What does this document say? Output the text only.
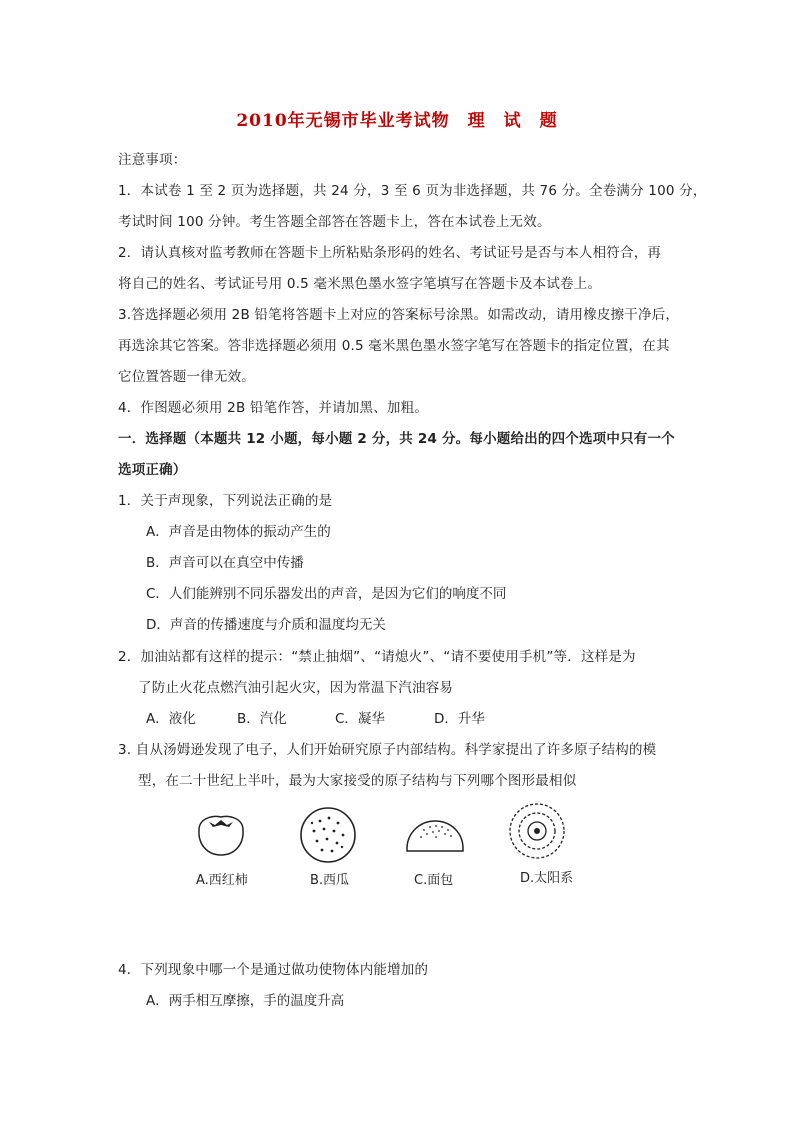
2010年无锡市毕业考试物　理　试　题
注意事项：
1．本试卷 1 至 2 页为选择题，共 24 分，3 至 6 页为非选择题，共 76 分。全卷满分 100 分，
考试时间 100 分钟。考生答题全部答在答题卡上，答在本试卷上无效。
2．请认真核对监考教师在答题卡上所粘贴条形码的姓名、考试证号是否与本人相符合，再
将自己的姓名、考试证号用 0.5 毫米黑色墨水签字笔填写在答题卡及本试卷上。
3.答选择题必须用 2B 铅笔将答题卡上对应的答案标号涂黑。如需改动，请用橡皮擦干净后，
再选涂其它答案。答非选择题必须用 0.5 毫米黑色墨水签字笔写在答题卡的指定位置，在其
它位置答题一律无效。
4．作图题必须用 2B 铅笔作答，并请加黑、加粗。
一．选择题（本题共 12 小题，每小题 2 分，共 24 分。每小题给出的四个选项中只有一个
选项正确）
1．关于声现象，下列说法正确的是
A．声音是由物体的振动产生的
B．声音可以在真空中传播
C．人们能辨别不同乐器发出的声音，是因为它们的响度不同
D．声音的传播速度与介质和温度均无关
2．加油站都有这样的提示：“禁止抽烟”、“请熄火”、“请不要使用手机”等．这样是为
了防止火花点燃汽油引起火灾，因为常温下汽油容易
A．液化	B．汽化	C．凝华	D．升华
3. 自从汤姆逊发现了电子，人们开始研究原子内部结构。科学家提出了许多原子结构的模
型，在二十世纪上半叶，最为大家接受的原子结构与下列哪个图形最相似
A.西红柿	B.西瓜	C.面包	D.太阳系
4．下列现象中哪一个是通过做功使物体内能增加的
A．两手相互摩擦，手的温度升高
